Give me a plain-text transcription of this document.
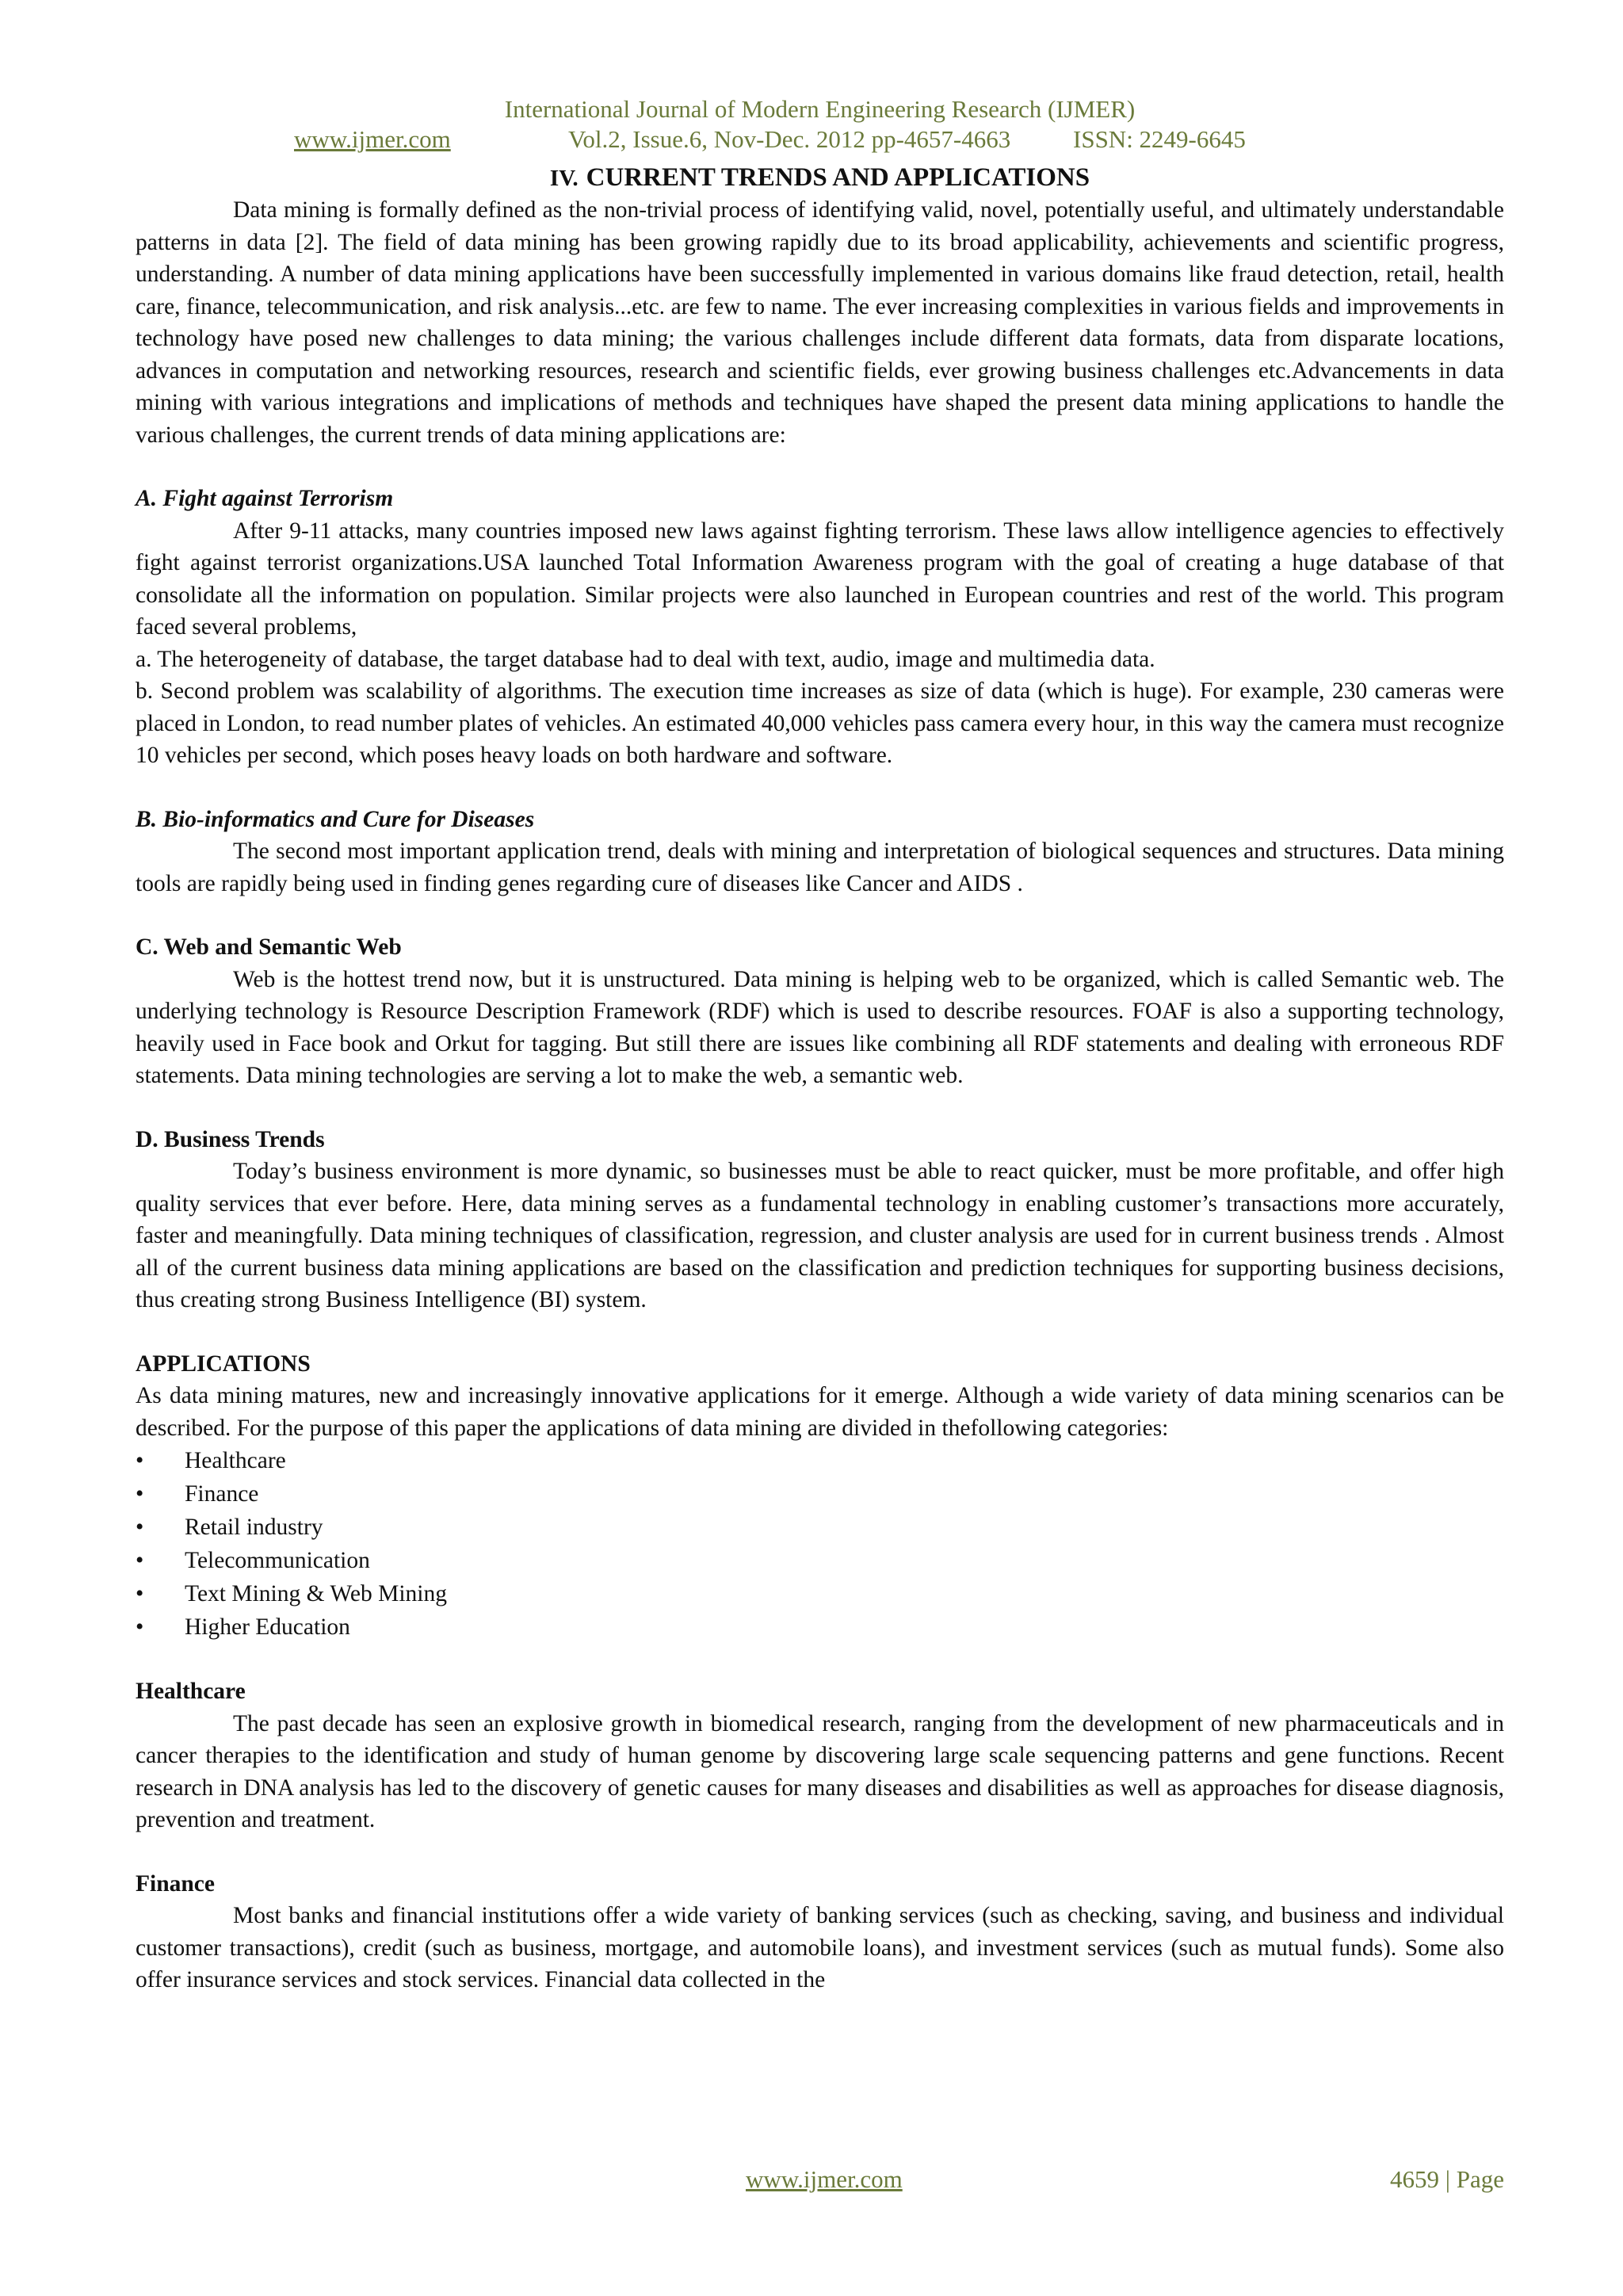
International Journal of Modern Engineering Research (IJMER)
www.ijmer.com	Vol.2, Issue.6, Nov-Dec. 2012 pp-4657-4663	ISSN: 2249-6645
IV. CURRENT TRENDS AND APPLICATIONS

Data mining is formally defined as the non-trivial process of identifying valid, novel, potentially useful, and ultimately understandable patterns in data [2]. The field of data mining has been growing rapidly due to its broad applicability, achievements and scientific progress, understanding. A number of data mining applications have been successfully implemented in various domains like fraud detection, retail, health care, finance, telecommunication, and risk analysis...etc. are few to name. The ever increasing complexities in various fields and improvements in technology have posed new challenges to data mining; the various challenges include different data formats, data from disparate locations, advances in computation and networking resources, research and scientific fields, ever growing business challenges etc.Advancements in data mining with various integrations and implications of methods and techniques have shaped the present data mining applications to handle the various challenges, the current trends of data mining applications are:

A. Fight against Terrorism

After 9-11 attacks, many countries imposed new laws against fighting terrorism. These laws allow intelligence agencies to effectively fight against terrorist organizations.USA launched Total Information Awareness program with the goal of creating a huge database of that consolidate all the information on population. Similar projects were also launched in European countries and rest of the world. This program faced several problems,

a. The heterogeneity of database, the target database had to deal with text, audio, image and multimedia data.

b. Second problem was scalability of algorithms. The execution time increases as size of data (which is huge). For example, 230 cameras were placed in London, to read number plates of vehicles. An estimated 40,000 vehicles pass camera every hour, in this way the camera must recognize 10 vehicles per second, which poses heavy loads on both hardware and software.

B. Bio-informatics and Cure for Diseases

The second most important application trend, deals with mining and interpretation of biological sequences and structures. Data mining tools are rapidly being used in finding genes regarding cure of diseases like Cancer and AIDS .

C. Web and Semantic Web

Web is the hottest trend now, but it is unstructured. Data mining is helping web to be organized, which is called Semantic web. The underlying technology is Resource Description Framework (RDF) which is used to describe resources. FOAF is also a supporting technology, heavily used in Face book and Orkut for tagging. But still there are issues like combining all RDF statements and dealing with erroneous RDF statements. Data mining technologies are serving a lot to make the web, a semantic web.

D. Business Trends

Today’s business environment is more dynamic, so businesses must be able to react quicker, must be more profitable, and offer high quality services that ever before. Here, data mining serves as a fundamental technology in enabling customer’s transactions more accurately, faster and meaningfully. Data mining techniques of classification, regression, and cluster analysis are used for in current business trends . Almost all of the current business data mining applications are based on the classification and prediction techniques for supporting business decisions, thus creating strong Business Intelligence (BI) system.

APPLICATIONS

As data mining matures, new and increasingly innovative applications for it emerge. Although a wide variety of data mining scenarios can be described. For the purpose of this paper the applications of data mining are divided in thefollowing categories:

• Healthcare
• Finance
• Retail industry
• Telecommunication
• Text Mining & Web Mining
• Higher Education
Healthcare

The past decade has seen an explosive growth in biomedical research, ranging from the development of new pharmaceuticals and in cancer therapies to the identification and study of human genome by discovering large scale sequencing patterns and gene functions. Recent research in DNA analysis has led to the discovery of genetic causes for many diseases and disabilities as well as approaches for disease diagnosis, prevention and treatment.

Finance

Most banks and financial institutions offer a wide variety of banking services (such as checking, saving, and business and individual customer transactions), credit (such as business, mortgage, and automobile loans), and investment services (such as mutual funds). Some also offer insurance services and stock services. Financial data collected in the

www.ijmer.com	4659 | Page
